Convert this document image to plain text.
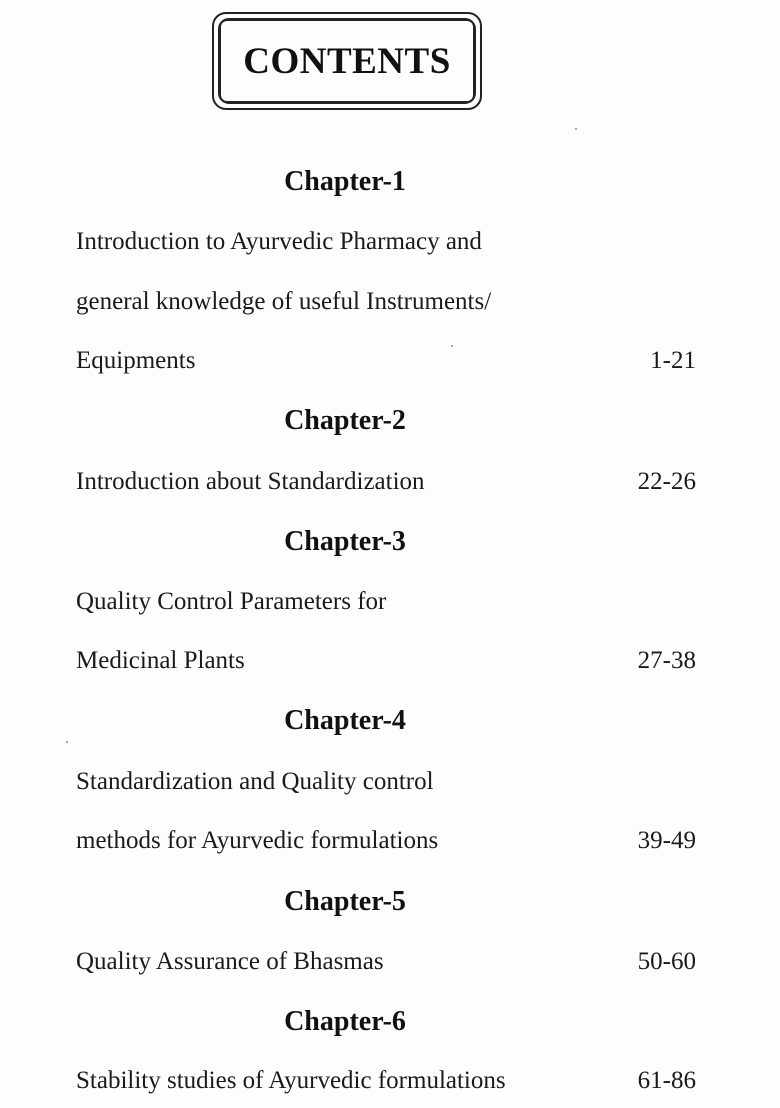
CONTENTS
Chapter-1
Introduction to Ayurvedic Pharmacy and
general knowledge of useful Instruments/
Equipments	1-21
Chapter-2
Introduction about Standardization	22-26
Chapter-3
Quality Control Parameters for
Medicinal Plants	27-38
Chapter-4
Standardization and Quality control
methods for Ayurvedic formulations	39-49
Chapter-5
Quality Assurance of Bhasmas	50-60
Chapter-6
Stability studies of Ayurvedic formulations	61-86
